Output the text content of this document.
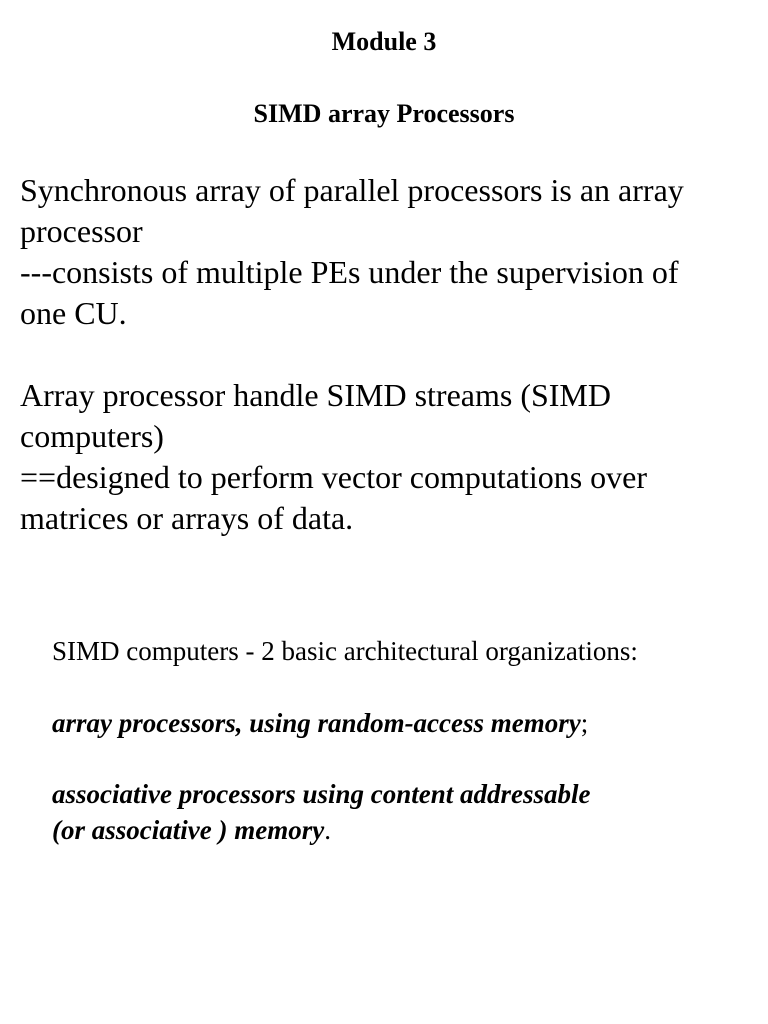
Module 3
SIMD array Processors

Synchronous array of parallel processors is an array
processor
---consists of multiple PEs under the supervision of
one CU.

Array processor handle SIMD streams (SIMD
computers)
==designed to perform vector computations over
matrices or arrays of data.

SIMD computers - 2 basic architectural organizations:
array processors, using random-access memory;
associative processors using content addressable
(or associative ) memory.
